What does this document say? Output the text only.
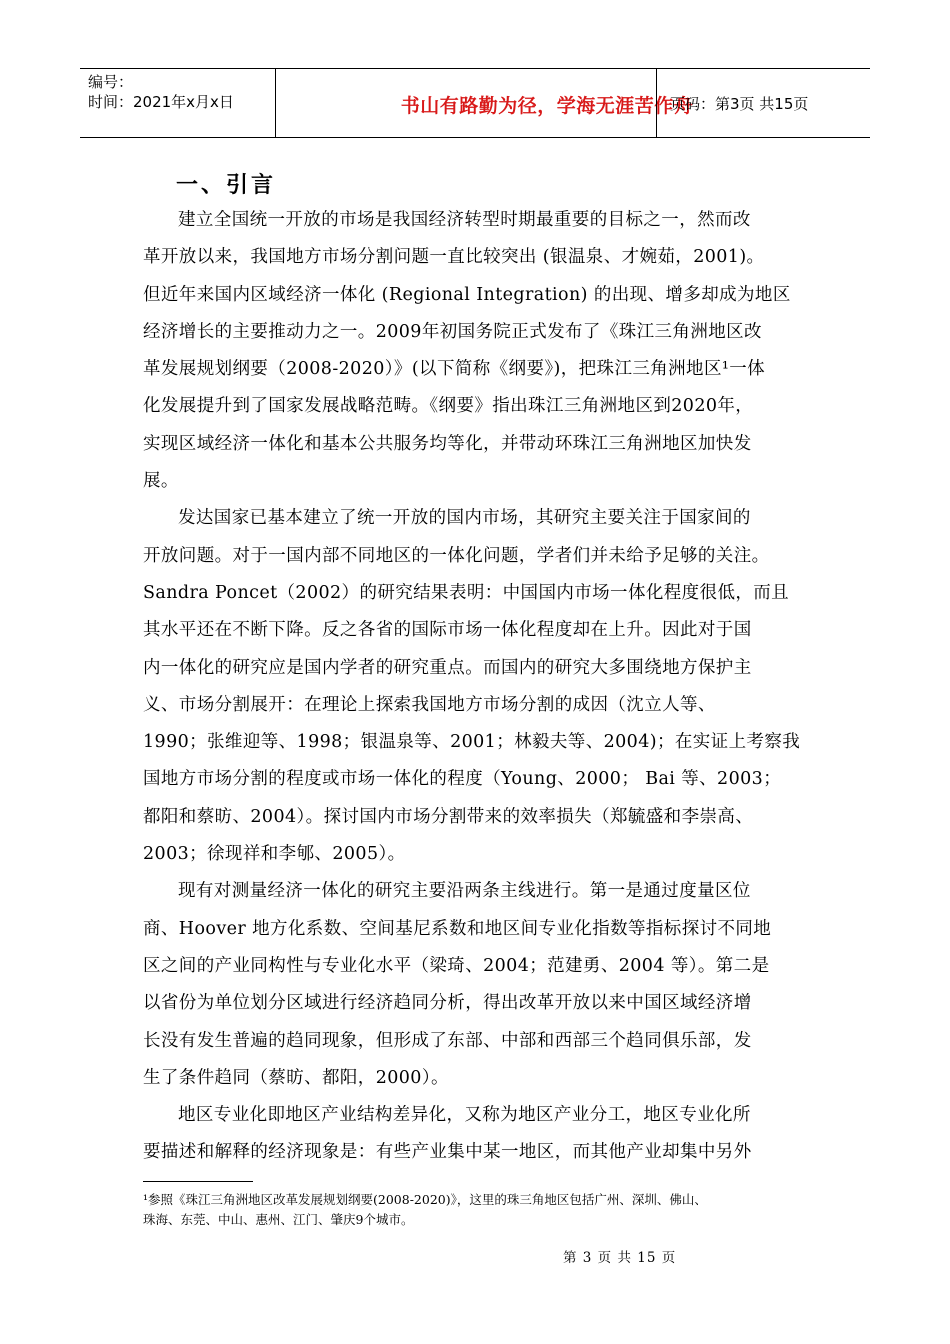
编号：
时间：2021年x月x日	书山有路勤为径，学海无涯苦作舟
页码：第3页 共15页
一、引言

建立全国统一开放的市场是我国经济转型时期最重要的目标之一，然而改
革开放以来，我国地方市场分割问题一直比较突出 (银温泉、才婉茹，2001)。
但近年来国内区域经济一体化 (Regional Integration) 的出现、增多却成为地区
经济增长的主要推动力之一。2009年初国务院正式发布了《珠江三角洲地区改
革发展规划纲要（2008-2020）》(以下简称《纲要》)，把珠江三角洲地区¹一体
化发展提升到了国家发展战略范畴。《纲要》指出珠江三角洲地区到2020年，
实现区域经济一体化和基本公共服务均等化，并带动环珠江三角洲地区加快发
展。

发达国家已基本建立了统一开放的国内市场，其研究主要关注于国家间的
开放问题。对于一国内部不同地区的一体化问题，学者们并未给予足够的关注。
Sandra Poncet（2002）的研究结果表明：中国国内市场一体化程度很低，而且
其水平还在不断下降。反之各省的国际市场一体化程度却在上升。因此对于国
内一体化的研究应是国内学者的研究重点。而国内的研究大多围绕地方保护主
义、市场分割展开：在理论上探索我国地方市场分割的成因（沈立人等、
1990；张维迎等、1998；银温泉等、2001；林毅夫等、2004)；在实证上考察我
国地方市场分割的程度或市场一体化的程度（Young、2000； Bai 等、2003；
都阳和蔡昉、2004）。探讨国内市场分割带来的效率损失（郑毓盛和李崇高、
2003；徐现祥和李郇、2005）。

现有对测量经济一体化的研究主要沿两条主线进行。第一是通过度量区位
商、Hoover 地方化系数、空间基尼系数和地区间专业化指数等指标探讨不同地
区之间的产业同构性与专业化水平（梁琦、2004；范建勇、2004 等）。第二是
以省份为单位划分区域进行经济趋同分析，得出改革开放以来中国区域经济增
长没有发生普遍的趋同现象，但形成了东部、中部和西部三个趋同俱乐部，发
生了条件趋同（蔡昉、都阳，2000）。

地区专业化即地区产业结构差异化，又称为地区产业分工，地区专业化所
要描述和解释的经济现象是：有些产业集中某一地区，而其他产业却集中另外

¹参照《珠江三角洲地区改革发展规划纲要(2008-2020)》，这里的珠三角地区包括广州、深圳、佛山、
珠海、东莞、中山、惠州、江门、肇庆9个城市。
第 3 页 共 15 页
